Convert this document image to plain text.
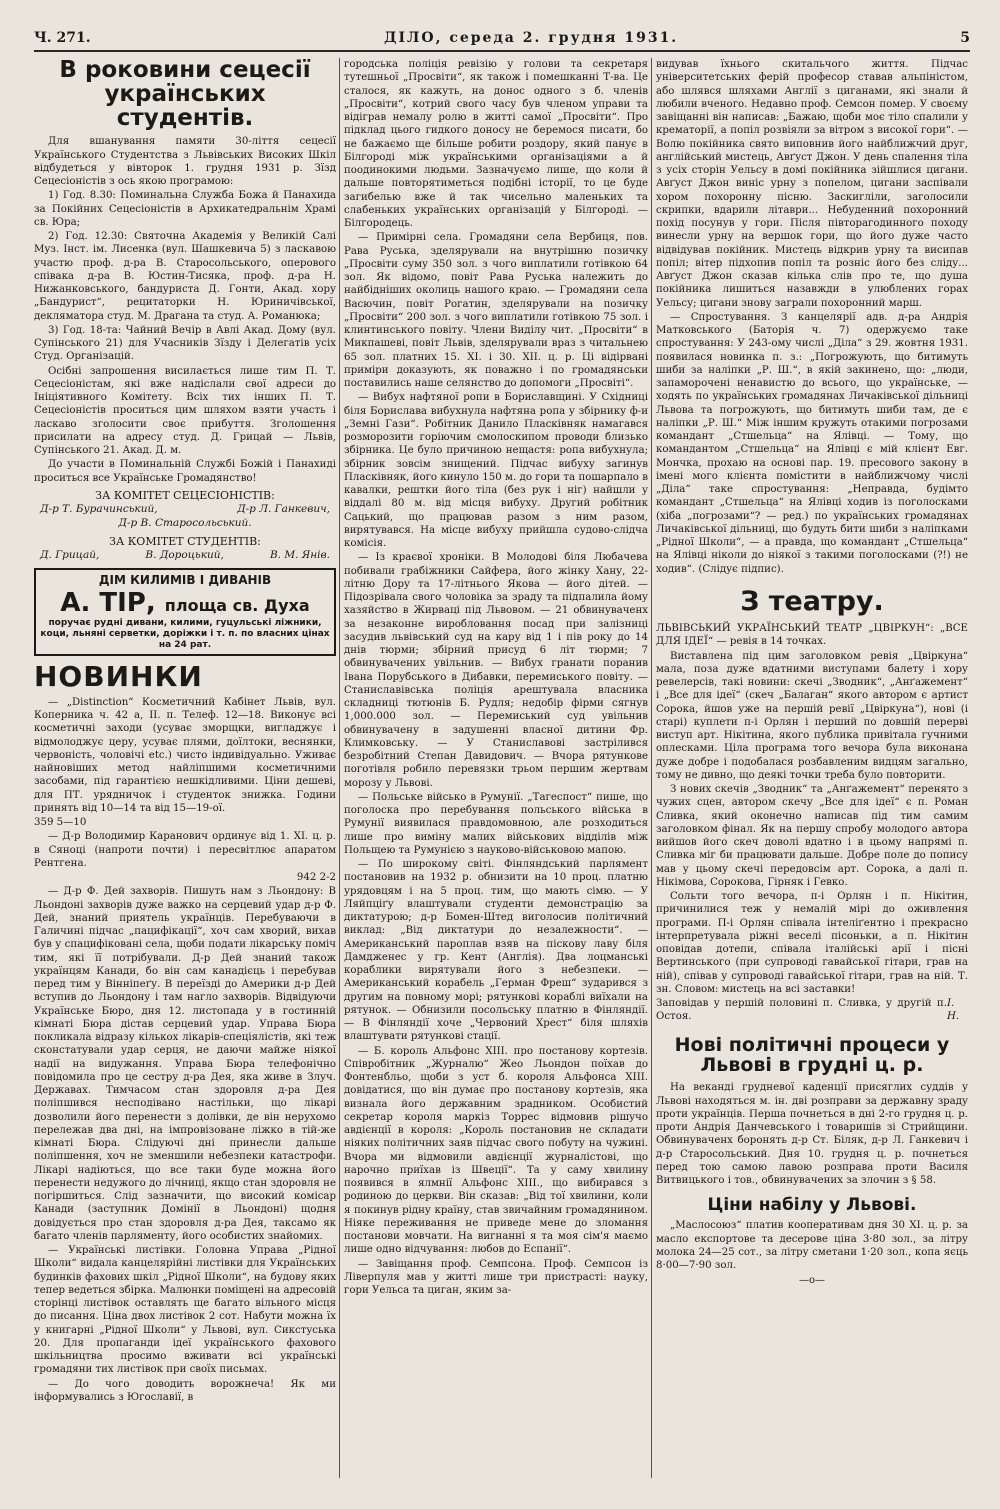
Ч. 271.	ДІЛО, середа 2. грудня 1931.	5
В роковини сецесії українських студентів.

Для вшанування памяти 30-ліття сецесії Українського Студентства з Львівських Високих Шкіл відбудеться у вівторок 1. грудня 1931 р. Зїзд Сецесіоністів з ось якою програмою:

1) Год. 8.30: Поминальна Служба Божа й Панахида за Покійних Сецесіоністів в Архикатедральнім Храмі св. Юра;

2) Год. 12.30: Святочна Академія у Великій Салі Муз. Інст. ім. Лисенка (вул. Шашкевича 5) з ласкавою участю проф. д-ра В. Старосольського, оперового співака д-ра В. Юстин-Тисяка, проф. д-ра Н. Нижанковського, бандуриста Д. Гонти, Акад. хору „Бандурист“, рецитаторки Н. Юриничівської, декляматора студ. М. Драгана та студ. А. Романюка;

3) Год. 18-та: Чайний Вечір в Авлі Акад. Дому (вул. Супінського 21) для Учасників Зїзду і Делегатів усіх Студ. Організацій.

Осібні запрошення висилається лише тим П. Т. Сецесіоністам, які вже надіслали свої адреси до Ініціятивного Комітету. Всіх тих інших П. Т. Сецесіоністів проситься цим шляхом взяти участь і ласкаво зголосити своє прибуття. Зголошення присилати на адресу студ. Д. Грицай — Львів, Супінського 21. Акад. Д. м.

До участи в Поминальній Службі Божій і Панахиді проситься все Українське Громадянство!

ЗА КОМІТЕТ СЕЦЕСІОНІСТІВ:
Д-р Т. Бурачинський,	Д-р Л. Ганкевич,
Д-р В. Старосольський.
ЗА КОМІТЕТ СТУДЕНТІВ:
Д. Грицай,	В. Дороцький,	В. М. Янів.
ДІМ КИЛИМІВ І ДИВАНІВ
А. ТІР, площа св. Духа
поручає рудні дивани, килими, гуцульські ліжники, коци, льняні серветки, доріжки і т. п. по власних цінах на 24 рат.
НОВИНКИ

— „Distinction“ Косметичний Кабінет Львів, вул. Коперника ч. 42 а, II. п. Телеф. 12—18. Виконує всі косметичні заходи (усуває зморщки, вигладжує і відмолоджує цеpу, усуває плями, доїлтоки, веснянки, червоність, чоловічі etc.) чисто індивідуально. Уживає найновіших метод найліпшими косметичними засобами, під гарантією нешкідливими. Ціни дешеві, для ПТ. урядничок і студенток знижка. Години принять від 10—14 та від 15—19-ої.

359 5—10

— Д-р Володимир Каранович ординує від 1. XI. ц. р. в Сяноці (напроти почти) і пересвітлює апаратом Рентгена.

942 2-2

— Д-р Ф. Дей захворів. Пишуть нам з Льондону: В Льондоні захворів дуже важко на серцевий удар д-р Ф. Дей, знаний приятель українців. Перебуваючи в Галичині підчас „пацифікації“, хоч сам хворий, вихав був у спацифіковані села, щоби подати лікарську поміч тим, які її потрібували. Д-р Дей знаний також українцям Канади, бо він сам канадієць і перебував перед тим у Вінніпеґу. В переїзді до Америки д-р Дей вступив до Льондону і там нагло захворів. Відвідуючи Українське Бюро, дня 12. листопада у в гостинній кімнаті Бюра дістав серцевий удар. Управа Бюра покликала відразу кількох лікарів-спеціялістів, які теж сконстатували удар серця, не даючи майже ніякої надії на видужання. Управа Бюра телефонічно повідомила про це сестру д-ра Дея, яка живе в Злуч. Державах. Тимчасом стан здоровля д-ра Дея поліпшився несподівано настільки, що лікарі дозволили його перенести з долівки, де він нерухомо перележав два дні, на імпровізоване ліжко в тій-же кімнаті Бюра. Слідуючі дні принесли дальше поліпшення, хоч не зменшили небезпеки катастрофи. Лікарі надіються, що все таки буде можна його перенести недужого до лічниці, якщо стан здоровля не погіршиться. Слід зазначити, що високий комісар Канади (заступник Домінії в Льондоні) щодня довідується про стан здоровля д-ра Дея, таксамо як багато членів парляменту, його особистих знайомих.

— Українські листівки. Головна Управа „Рідної Школи“ видала канцелярійні листівки для Українських будинків фахових шкіл „Рідної Школи“, на будову яких тепер ведеться збірка. Малюнки поміщені на адресовій сторінці листівок оставлять ще багато вільного місця до писання. Ціна двох листівок 2 сот. Набути можна їх у книгарні „Рідної Школи“ у Львові, вул. Сикстуська 20. Для пропаганди ідеї українського фахового шкільництва просимо вживати всі українські громадяни тих листівок при своїх письмах.

— До чого доводить ворожнеча! Як ми інформувались з Югославії, в

городська поліція ревізію у голови та секретаря тутешньої „Просвіти“, як також і помешканні Т-ва. Це сталося, як кажуть, на донос одного з б. членів „Просвіти“, котрий свого часу був членом управи та відіграв немалу ролю в житті самої „Просвіти“. Про підклад цього гидкого доносу не беремося писати, бо не бажаємо ще більше робити роздору, який панує в Білгороді між українськими організаціями а й поодинокими людьми. Зазначуємо лише, що коли й дальше повторятиметься подібні історії, то це буде загибелью вже й так чисельно маленьких та слабеньких українських організацій у Білгороді. — Білгородець.

— Примірні села. Громадяни села Вербиця, пов. Рава Руська, зделярували на внутрішню позичку „Просвіти суму 350 зол. з чого виплатили готівкою 64 зол. Як відомо, повіт Рава Руська належить до найбідніших околиць нашого краю. — Громадяни села Васючин, повіт Рогатин, зделярували на позичку „Просвіти“ 200 зол. з чого виплатили готівкою 75 зол. і клинтинського повіту. Члени Виділу чит. „Просвіти“ в Микпашеві, повіт Львів, зделярували враз з читальнею 65 зол. платних 15. XI. і 30. XII. ц. р. Ці відірвані приміри доказують, як поважно і по громадянськи поставились наше селянство до допомоги „Просвіті“.

— Вибух нафтяної ропи в Бориславщині. У Східниці біля Борислава вибухнула нафтяна ропа у збірнику ф-и „Земні Гази“. Робітник Данило Пласківняк намагався розморозити горіючим смолоскипом проводи близько збірника. Це було причиною нещастя: ропа вибухнула; збірник зовсім знищений. Підчас вибуху загинув Пласківняк, його кинуло 150 м. до гори та пошарпало в кавалки, рештки його тіла (без рук і ніг) найшли у віддалі 80 м. від місця вибуху. Другий робітник Сацький, що працював разом з ним разом, вирятувався. На місце вибуху прийшла судово-слідча комісія.

— Із краєвої хроніки. В Молодові біля Любачева побивали грабіжники Сайфера, його жінку Хану, 22-літню Дору та 17-літнього Якова — його дітей. — Підозрівала свого чоловіка за зраду та підпалила йому хазяйство в Жирваці під Львовом. — 21 обвинуваченх за незаконне виробловання посад при залізниці засудив львівський суд на кару від 1 і пів року до 14 днів тюрми; збірний присуд 6 літ тюрми; 7 обвинувачених увільнив. — Вибух гранати поранив Івана Порубського в Дибавки, перемиського повіту. — Станиславівська поліція арештувала власника складниці тютюнів Б. Рудля; недобір фірми сягнув 1,000.000 зол. — Перемиський суд увільнив обвинувачену в задушенні власної дитини Фр. Климковську. — У Станиславові застрілився безробітний Степан Давидович. — Вчора рятункове поготівля робило перевязки трьом першим жертвам морозу у Львові.

— Польське військо в Румунії. „Тагеспост“ пише, що поголоска про перебування польського війська в Румунії виявилася правдомовною, але розходиться лише про виміну малих військових відділів між Польщею та Румунією з науково-військовою мапою.

— По широкому світі. Фінляндський парлямент постановив на 1932 р. обнизити на 10 проц. платню урядовцям і на 5 проц. тим, що мають сімю. — У Ляйпціґу влаштували студенти демонстрацію за диктатурою; д-р Бомен-Штед виголосив політичний виклад: „Від диктатури до незалежности“. — Американський пароплав взяв на піскову лаву біля Дамдженес у гр. Кент (Англія). Два лоцманські кораблики вирятували його з небезпеки. — Американський корабель „Герман Фреш“ зударився з другим на повному морі; рятункові кораблі виїхали на рятунок. — Обнизили посольську платню в Фінляндії. — В Фінляндії хоче „Червоний Хрест“ біля шляхів влаштувати рятункові стації.

— Б. король Альфонс XIII. про постанову кортезів. Співробітник „Журналю“ Жео Льондон поїхав до Фонтенбльо, щоби з уст б. короля Альфонса XIII. довідатися, що він думає про постанову кортезів, яка визнала його державним зрадником. Особистий секретар короля маркіз Торрес відмовив рішучо авдієнції в короля: „Король постановив не складати ніяких політичних заяв підчас свого побуту на чужині. Вчора ми відмовили авдієнції журналістові, що нарочно приїхав із Швеції“. Та у саму хвилину появився в ялмнії Альфонс XIII., що вибирався з родиною до церкви. Він сказав: „Від тої хвилини, коли я покинув рідну країну, став звичайним громадянином. Ніяке переживання не приведе мене до зломання постанови мовчати. На вигнанні я та моя сім'я маємо лише одно відчування: любов до Еспанії“.

— Завіщання проф. Семпсона. Проф. Семпсон із Ліверпуля мав у житті лише три пристрасті: науку, гори Уельса та циган, яким за-

видував їхнього скитальчого життя. Підчас університетських ферій професор ставав альпіністом, або шлявся шляхами Англії з циганами, які знали й любили вченого. Недавно проф. Семсон помер. У своєму завіщанні він написав: „Бажаю, щоби моє тіло спалили у крематорії, а попіл розвіяли за вітром з високої гори“. — Волю покійника свято виповнив його найближчий друг, англійський мистець, Авґуст Джон. У день спалення тіла з усіх сторін Уельсу в домі покійника зійшлися цигани. Авґуст Джон виніс урну з попелом, цигани заспівали хором похоронну пісню. Заскигліли, заголосили скрипки, вдарили літаври... Небуденний похоронний похід посунув у гори. Після півторагодинного походу винесли урну на вершок гори, що його дуже часто відвідував покійник. Мистець відкрив урну та висипав попіл; вітер підхопив попіл та розніс його без сліду... Авґуст Джон сказав кілька слів про те, що душа покійника лишиться назавжди в улюблених горах Уельсу; цигани знову заграли похоронний марш.

— Спростування. З канцелярії адв. д-ра Андрія Матковського (Баторія ч. 7) одержуємо таке спростування: У 243-ому числі „Діла“ з 29. жовтня 1931. появилася новинка п. з.: „Погрожують, що битимуть шиби за наліпки „Р. Ш.“, в якій закинено, що: „люди, запаморочені ненавистю до всього, що українське, — ходять по українських громадянах Личаківської дільниці Львова та погрожують, що битимуть шиби там, де є наліпки „Р. Ш.“ Між іншим кружуть отакими погрозами командант „Стшельца“ на Ялівці. — Тому, що командантом „Стшельца“ на Ялівці є мій клієнт Евг. Мончка, прохаю на основі пар. 19. пресового закону в імені мого клієнта помістити в найближчому числі „Діла“ таке спростування: „Неправда, будімто командант „Стшельца“ на Ялівці ходив із поголосками (хіба „погрозами“? — ред.) по українських громадянах Личаківської дільниці, що будуть бити шиби з наліпками „Рідної Школи“, — а правда, що командант „Стшельца“ на Ялівці ніколи до ніякої з такими поголосками (?!) не ходив“. (Слідує підпис).

З театру.

ЛЬВІВСЬКИЙ УКРАЇНСЬКИЙ ТЕАТР „ЦВІРКУН“: „ВСЕ ДЛЯ ІДЕЇ“ — ревія в 14 точках.

Виставлена під цим заголовком ревія „Цвіркуна“ мала, поза дуже вдатними виступами балету і хору ревелерсів, такі новини: скечі „Зводник“, „Анґажемент“ і „Все для ідеї“ (скеч „Балаган“ якого автором є артист Сорока, йшов уже на першій ревії „Цвіркуна“), нові (і старі) куплети п-і Орлян і перший по довшій перерві виступ арт. Нікітина, якого публика привітала гучними оплесками. Ціла програма того вечора була виконана дуже добре і подобалася розбавленим видцям загально, тому не дивно, що деякі точки треба було повторити.

З нових скечів „Зводник“ та „Анґажемент“ перенято з чужих сцен, автором скечу „Все для ідеї“ є п. Роман Сливка, який оконечно написав під тим самим заголовком фінал. Як на першу спробу молодого автора вийшов його скеч доволі вдатно і в цьому напрямі п. Сливка міг би працювати дальше. Добре поле до попису мав у цьому скечі передовсім арт. Сорока, а далі п. Нікімова, Сорокова, Гірняк і Гевко.

Сольти того вечора, п-і Орлян і п. Нікітин, причинилися теж у немалій мірі до оживлення програми. П-і Орлян співала інтеліґентно і прекрасно інтерпретувала ріжні веселі пісоньки, а п. Нікітин оповідав дотепи, співала італійські арії і пісні Вертинського (при супроводі гавайської гітари, грав на ній), співав у супроводі гавайської гітари, грав на ній. Т. зн. Словом: мистець на всі заставки!

Заповідав у першій половині п. Сливка, у другій п. Остоя.
І. Н.
Нові політичні процеси у Львові в грудні ц. р.

На веканді грудневої каденції присяглих суддів у Львові находяться м. ін. дві розправи за державну зраду проти українців. Перша почнеться в дні 2-го грудня ц. р. проти Андрія Данчевського і товаришів зі Стрийщини. Обвинуваченх боронять д-р Ст. Біляк, д-р Л. Ганкевич і д-р Старосольський. Дня 10. грудня ц. р. почнеться перед тою самою лавою розправа проти Василя Витвицького і тов., обвинувачених за злочин з § 58.

Ціни набілу у Львові.

„Маслосоюз“ платив кооперативам дня 30 XI. ц. р. за масло експортове та десерове ціна 3·80 зол., за літру молока 24—25 сот., за літру сметани 1·20 зол., копа яєць 8·00—7·90 зол.

—о—
